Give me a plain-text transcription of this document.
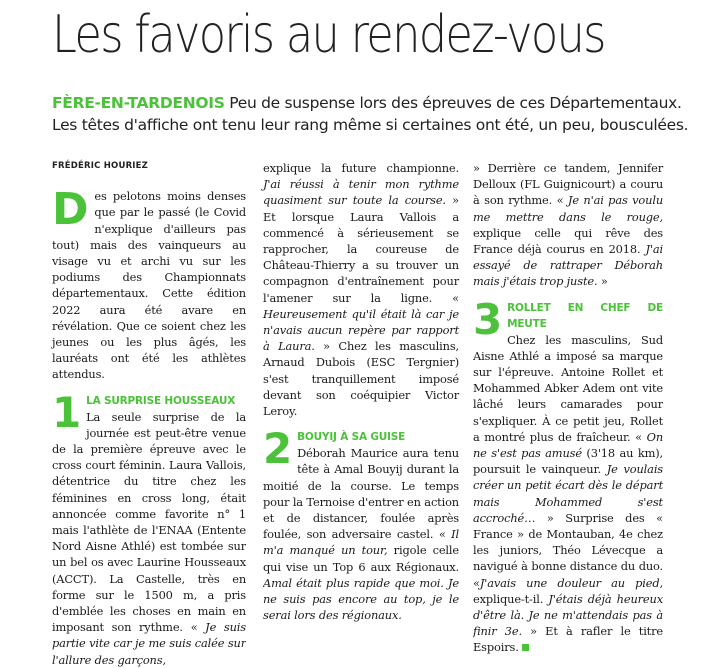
Les favoris au rendez-vous
FÈRE-EN-TARDENOIS Peu de suspense lors des épreuves de ces Départementaux. Les têtes d'affiche ont tenu leur rang même si certaines ont été, un peu, bousculées.
FRÉDÉRIC HOURIEZ

Des pelotons moins denses que par le passé (le Covid n'explique d'ailleurs pas tout) mais des vainqueurs au visage vu et archi vu sur les podiums des Championnats départementaux. Cette édition 2022 aura été avare en révélation. Que ce soient chez les jeunes ou les plus âgés, les lauréats ont été les athlètes attendus.

1 LA SURPRISE HOUSSEAUX

La seule surprise de la journée est peut-être venue de la première épreuve avec le cross court féminin. Laura Vallois, détentrice du titre chez les féminines en cross long, était annoncée comme favorite n° 1 mais l'athlète de l'ENAA (Entente Nord Aisne Athlé) est tombée sur un bel os avec Laurine Housseaux (ACCT). La Castelle, très en forme sur le 1500 m, a pris d'emblée les choses en main en imposant son rythme. « Je suis partie vite car je me suis calée sur l'allure des garçons,

explique la future championne. J'ai réussi à tenir mon rythme quasiment sur toute la course. » Et lorsque Laura Vallois a commencé à sérieusement se rapprocher, la coureuse de Château-Thierry a su trouver un compagnon d'entraînement pour l'amener sur la ligne. « Heureusement qu'il était là car je n'avais aucun repère par rapport à Laura. » Chez les masculins, Arnaud Dubois (ESC Tergnier) s'est tranquillement imposé devant son coéquipier Victor Leroy.

2 BOUYIJ À SA GUISE

Déborah Maurice aura tenu tête à Amal Bouyij durant la moitié de la course. Le temps pour la Ternoise d'entrer en action et de distancer, foulée après foulée, son adversaire castel. « Il m'a manqué un tour, rigole celle qui vise un Top 6 aux Régionaux. Amal était plus rapide que moi. Je ne suis pas encore au top, je le serai lors des régionaux.

» Derrière ce tandem, Jennifer Delloux (FL Guignicourt) a couru à son rythme. « Je n'ai pas voulu me mettre dans le rouge, explique celle qui rêve des France déjà courus en 2018. J'ai essayé de rattraper Déborah mais j'étais trop juste. »

3 ROLLET EN CHEF DE MEUTE

Chez les masculins, Sud Aisne Athlé a imposé sa marque sur l'épreuve. Antoine Rollet et Mohammed Abker Adem ont vite lâché leurs camarades pour s'expliquer. À ce petit jeu, Rollet a montré plus de fraîcheur. « On ne s'est pas amusé (3'18 au km), poursuit le vainqueur. Je voulais créer un petit écart dès le départ mais Mohammed s'est accroché… » Surprise des « France » de Montauban, 4e chez les juniors, Théo Lévecque a navigué à bonne distance du duo. «J'avais une douleur au pied, explique-t-il. J'étais déjà heureux d'être là. Je ne m'attendais pas à finir 3e. » Et à rafler le titre Espoirs.
